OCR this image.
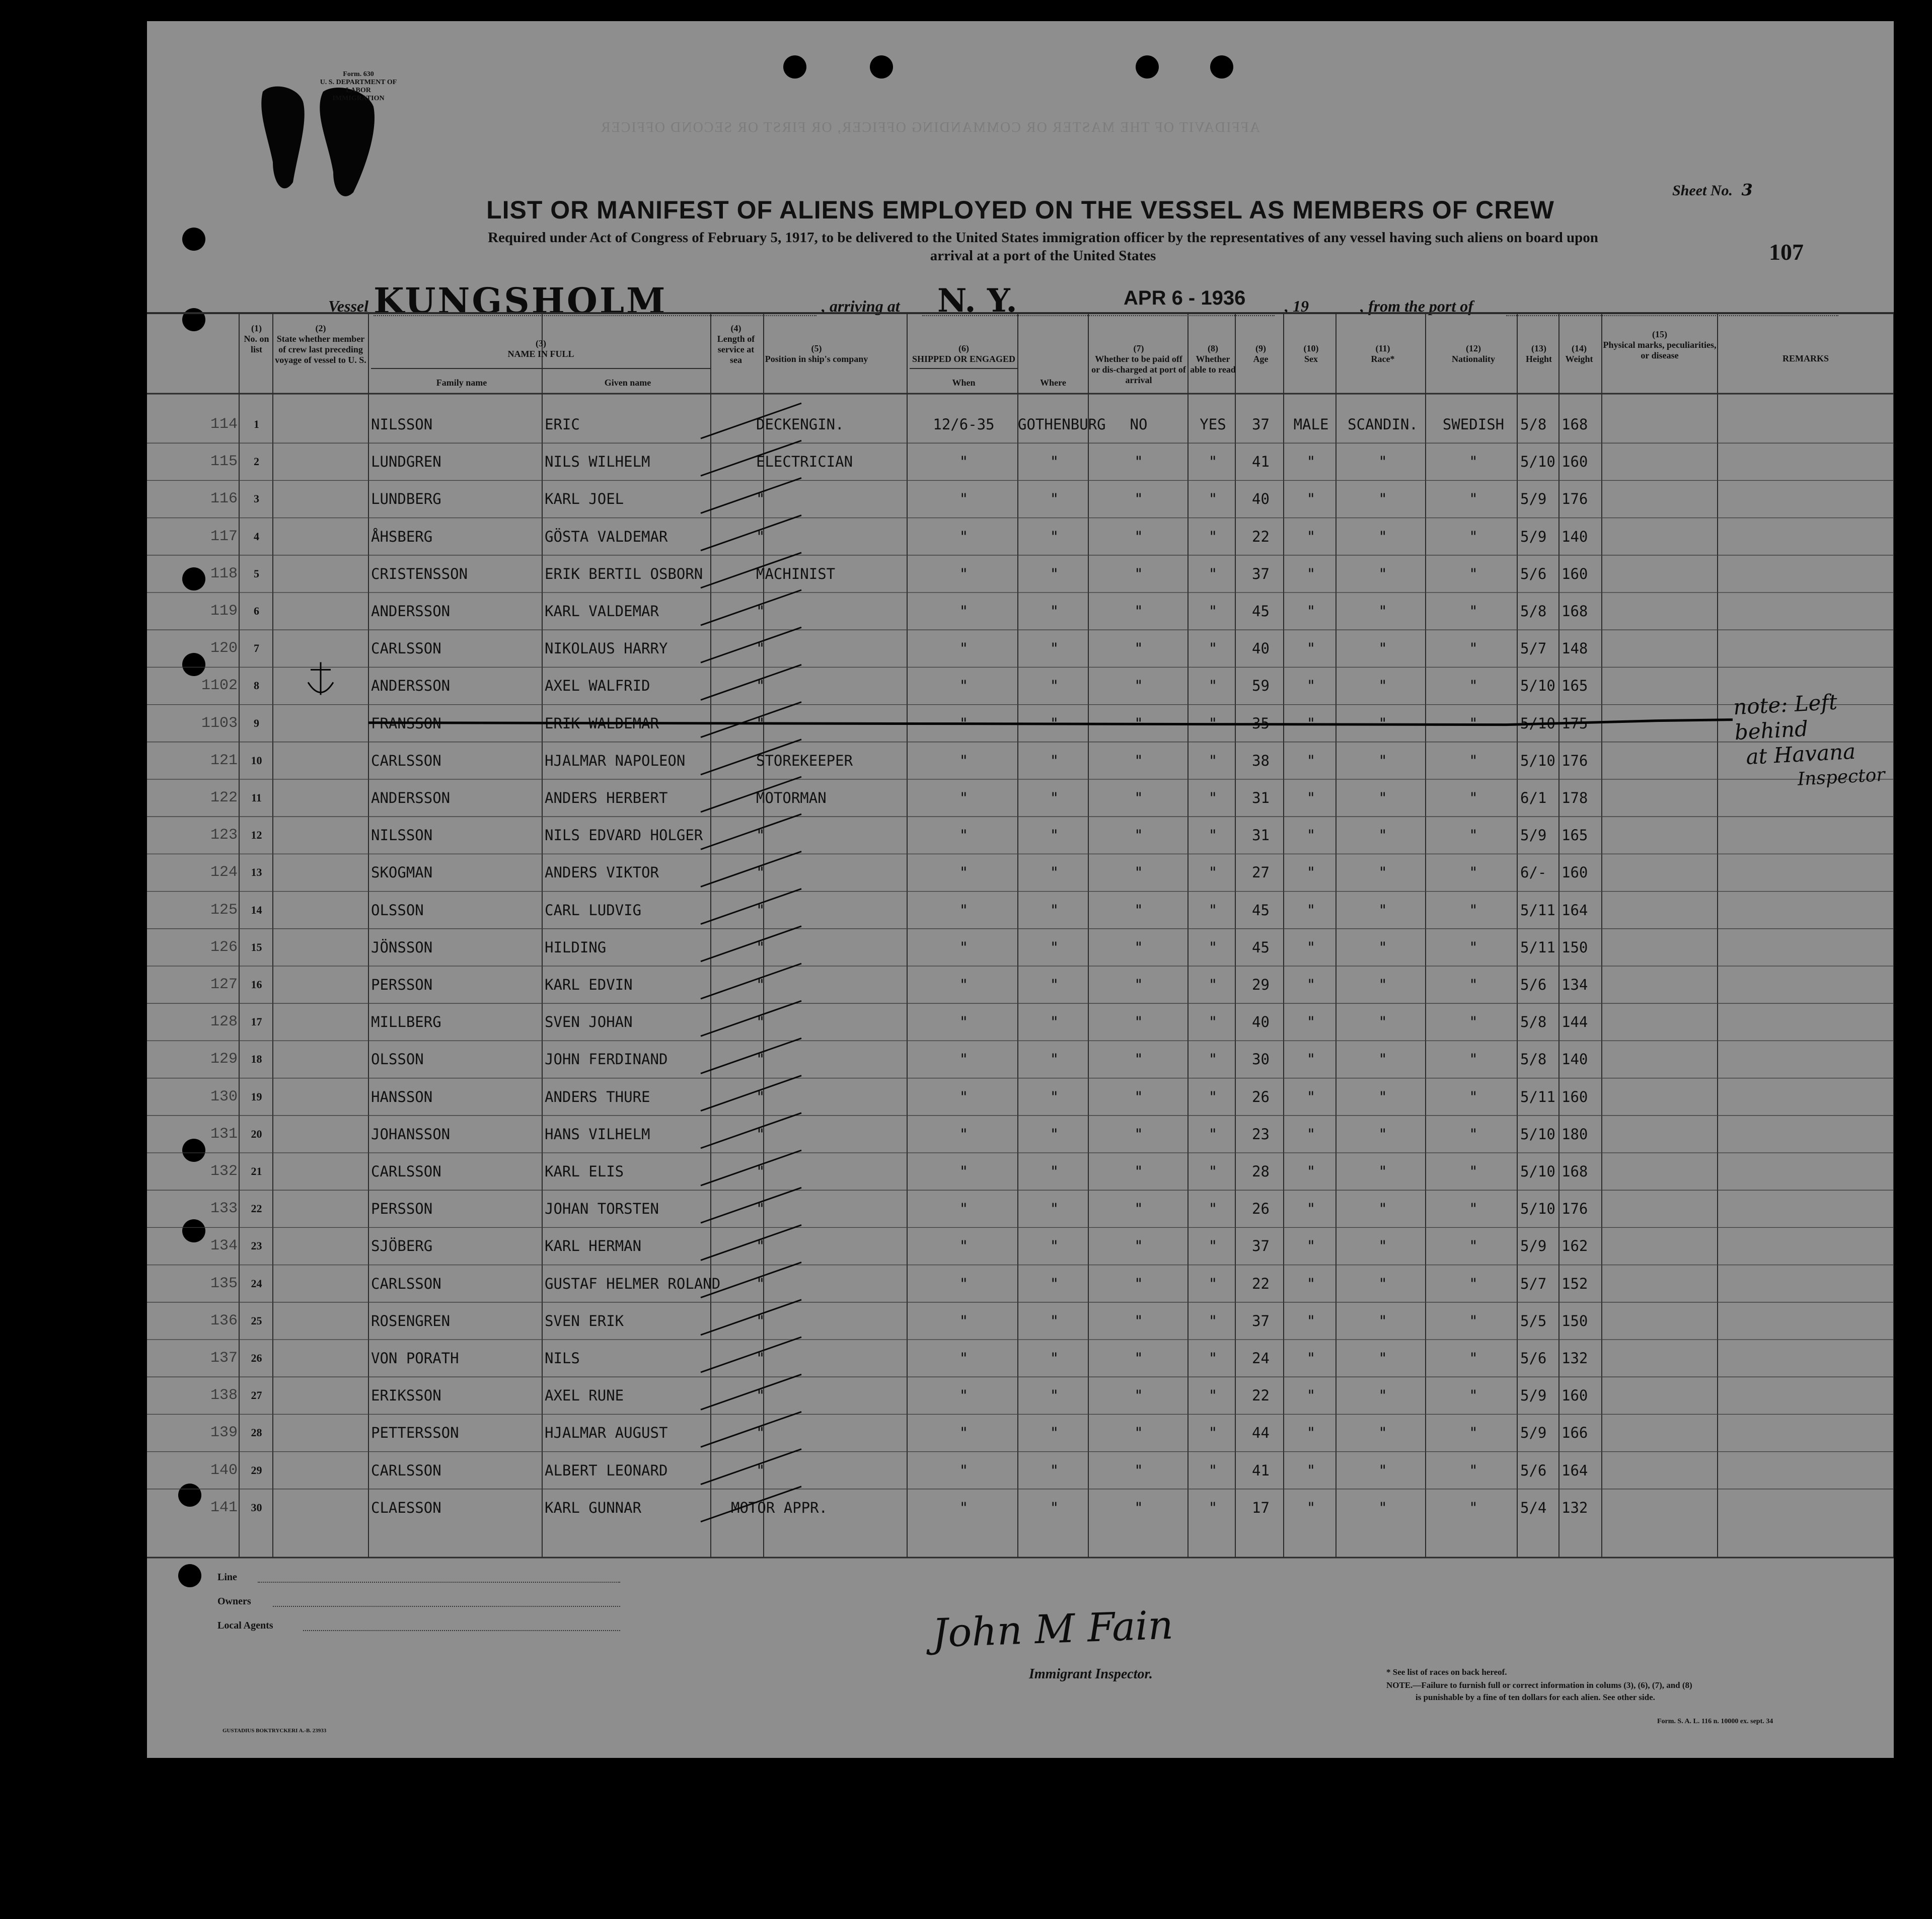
Form. 630
U. S. DEPARTMENT OF LABOR
IMMIGRATION
AFFIDAVIT OF THE MASTER OR COMMANDING OFFICER, OR FIRST OR SECOND OFFICER
Sheet No. 3
107
LIST OR MANIFEST OF ALIENS EMPLOYED ON THE VESSEL AS MEMBERS OF CREW
Required under Act of Congress of February 5, 1917, to be delivered to the United States immigration officer by the representatives of any vessel having such aliens on board upon
arrival at a port of the United States
Vessel KUNGSHOLM	, arriving at N. Y.	APR 6 - 1936 , 19	, from the port of
(1)
No. on list
(2)
State whether member of crew last preceding voyage of vessel to U. S.
(3)
NAME IN FULL
Family name	Given name
(4)
Length of service at sea
(5)
Position in ship's company
(6)
SHIPPED OR ENGAGED
When	Where
(7)
Whether to be paid off or dis-charged at port of arrival
(8)
Whether able to read
(9)
Age
(10)
Sex
(11)
Race*
(12)
Nationality
(13)
Height
(14)
Weight
(15)
Physical marks, peculiarities, or disease	REMARKS
114	1	NILSSON	ERIC	DECKENGIN.	12/6-35	GOTHENBURG	NO	YES	37	MALE	SCANDIN.	SWEDISH	5/8	168
115	2	LUNDGREN	NILS WILHELM	ELECTRICIAN	"	"	"	"	41	"	"	"	5/10 160
116	3	LUNDBERG	KARL JOEL	"	"	"	"	"	40	"	"	"	5/9	176
117	4	ÅHSBERG	GÖSTA VALDEMAR	"	"	"	"	"	22	"	"	"	5/9	140
118	5	CRISTENSSON	ERIK BERTIL OSBORN	MACHINIST	"	"	"	"	37	"	"	"	5/6	160
119	6	ANDERSSON	KARL VALDEMAR	"	"	"	"	"	45	"	"	"	5/8	168
120	7	CARLSSON	NIKOLAUS HARRY	"	"	"	"	"	40	"	"	"	5/7	148
1102	8	ANDERSSON	AXEL WALFRID	"	"	"	"	"	59	"	"	"	5/10 165
1103	9	FRANSSON	ERIK WALDEMAR	"	"	"	"	"	35	"	"	"	5/10 175
121	10	CARLSSON	HJALMAR NAPOLEON	STOREKEEPER	"	"	"	"	38	"	"	"	5/10 176
122	11	ANDERSSON	ANDERS HERBERT	MOTORMAN	"	"	"	"	31	"	"	"	6/1	178
123	12	NILSSON	NILS EDVARD HOLGER	"	"	"	"	"	31	"	"	"	5/9	165
124	13	SKOGMAN	ANDERS VIKTOR	"	"	"	"	"	27	"	"	"	6/-	160
125	14	OLSSON	CARL LUDVIG	"	"	"	"	"	45	"	"	"	5/11 164
126	15	JÖNSSON	HILDING	"	"	"	"	"	45	"	"	"	5/11 150
127	16	PERSSON	KARL EDVIN	"	"	"	"	"	29	"	"	"	5/6	134
128	17	MILLBERG	SVEN JOHAN	"	"	"	"	"	40	"	"	"	5/8	144
129	18	OLSSON	JOHN FERDINAND	"	"	"	"	"	30	"	"	"	5/8	140
130	19	HANSSON	ANDERS THURE	"	"	"	"	"	26	"	"	"	5/11 160
131	20	JOHANSSON	HANS VILHELM	"	"	"	"	"	23	"	"	"	5/10 180
132	21	CARLSSON	KARL ELIS	"	"	"	"	"	28	"	"	"	5/10 168
133	22	PERSSON	JOHAN TORSTEN	"	"	"	"	"	26	"	"	"	5/10 176
134	23	SJÖBERG	KARL HERMAN	"	"	"	"	"	37	"	"	"	5/9	162
135	24	CARLSSON	GUSTAF HELMER ROLAND "	"	"	"	"	22	"	"	"	5/7	152
136	25	ROSENGREN	SVEN ERIK	"	"	"	"	"	37	"	"	"	5/5	150
137	26	VON PORATH	NILS	"	"	"	"	"	24	"	"	"	5/6	132
138	27	ERIKSSON	AXEL RUNE	"	"	"	"	"	22	"	"	"	5/9	160
139	28	PETTERSSON	HJALMAR AUGUST	"	"	"	"	"	44	"	"	"	5/9	166
140	29	CARLSSON	ALBERT LEONARD	"	"	"	"	"	41	"	"	"	5/6	164
141	30	CLAESSON	KARL GUNNAR	MOTOR APPR.	"	"	"	"	17	"	"	"	5/4	132
note: Left behind
at Havana
Inspector
Line
Owners
Local Agents	John M Fain
Immigrant Inspector.	* See list of races on back hereof.
NOTE.—Failure to furnish full or correct information in colums (3), (6), (7), and (8)
is punishable by a fine of ten dollars for each alien. See other side.
Form. S. A. L. 116 n. 10000 ex. sept. 34
GUSTADIUS BOKTRYCKERI A.-B. 23933
